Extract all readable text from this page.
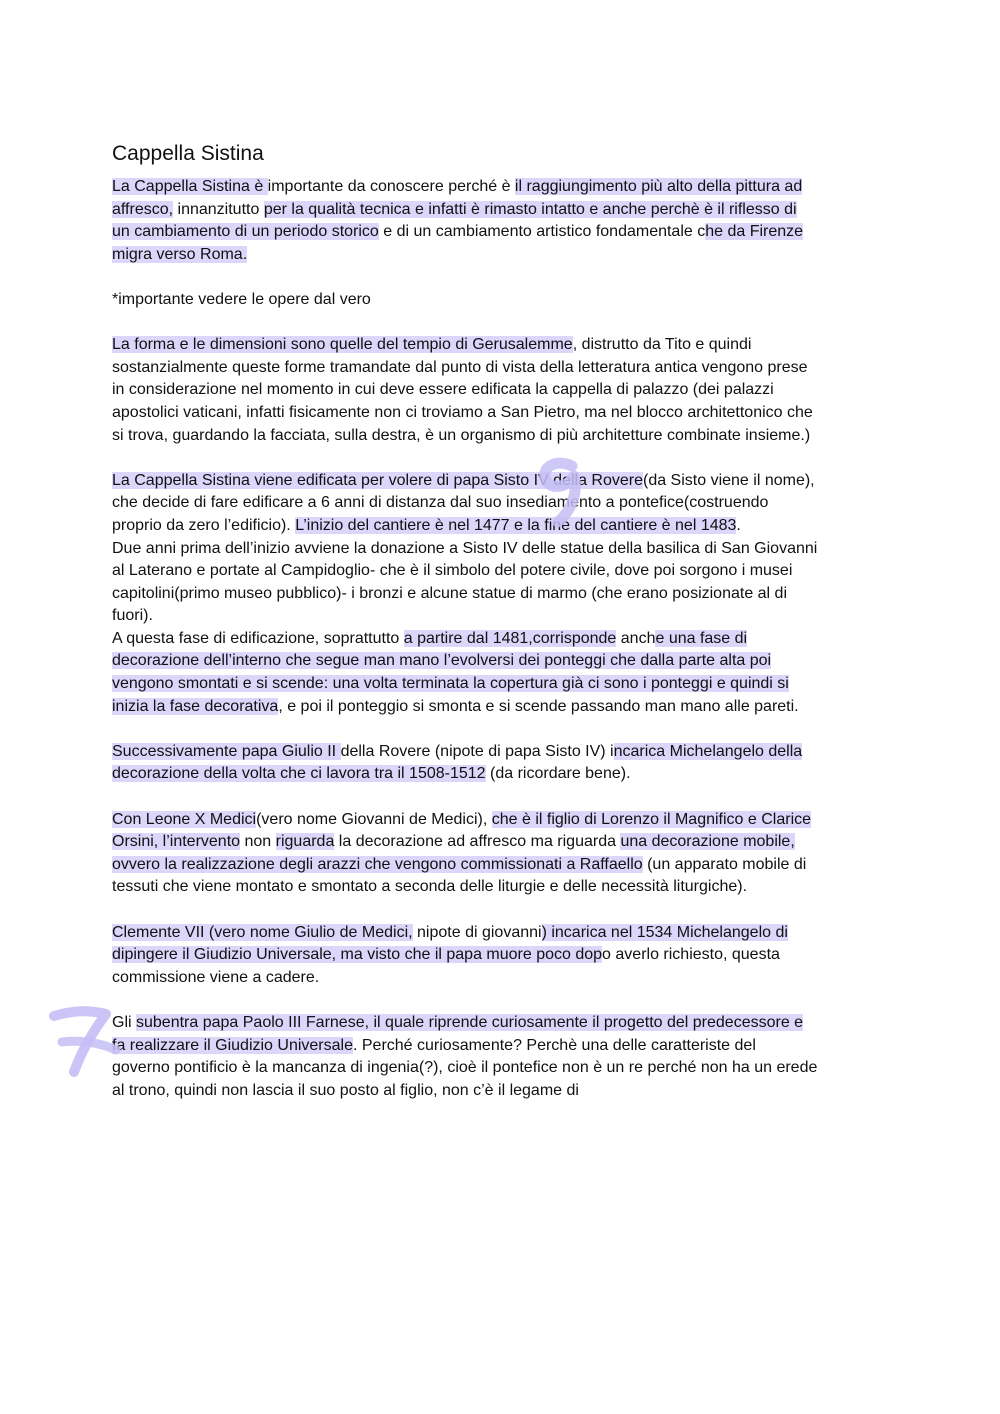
Cappella Sistina

La Cappella Sistina è importante da conoscere perché è il raggiungimento più alto della pittura ad affresco, innanzitutto per la qualità tecnica e infatti è rimasto intatto e anche perchè è il riflesso di un cambiamento di un periodo storico e di un cambiamento artistico fondamentale che da Firenze migra verso Roma.

*importante vedere le opere dal vero

La forma e le dimensioni sono quelle del tempio di Gerusalemme, distrutto da Tito e quindi sostanzialmente queste forme tramandate dal punto di vista della letteratura antica vengono prese in considerazione nel momento in cui deve essere edificata la cappella di palazzo (dei palazzi apostolici vaticani, infatti fisicamente non ci troviamo a San Pietro, ma nel blocco architettonico che si trova, guardando la facciata, sulla destra, è un organismo di più architetture combinate insieme.)

La Cappella Sistina viene edificata per volere di papa Sisto IV della Rovere(da Sisto viene il nome), che decide di fare edificare a 6 anni di distanza dal suo insediamento a pontefice(costruendo proprio da zero l’edificio). L’inizio del cantiere è nel 1477 e la fine del cantiere è nel 1483.

Due anni prima dell’inizio avviene la donazione a Sisto IV delle statue della basilica di San Giovanni al Laterano e portate al Campidoglio- che è il simbolo del potere civile, dove poi sorgono i musei capitolini(primo museo pubblico)- i bronzi e alcune statue di marmo (che erano posizionate al di fuori).

A questa fase di edificazione, soprattutto a partire dal 1481,corrisponde anche una fase di decorazione dell’interno che segue man mano l’evolversi dei ponteggi che dalla parte alta poi vengono smontati e si scende: una volta terminata la copertura già ci sono i ponteggi e quindi si inizia la fase decorativa, e poi il ponteggio si smonta e si scende passando man mano alle pareti.

Successivamente papa Giulio II della Rovere (nipote di papa Sisto IV) incarica Michelangelo della decorazione della volta che ci lavora tra il 1508-1512 (da ricordare bene).

Con Leone X Medici(vero nome Giovanni de Medici), che è il figlio di Lorenzo il Magnifico e Clarice Orsini, l’intervento non riguarda la decorazione ad affresco ma riguarda una decorazione mobile, ovvero la realizzazione degli arazzi che vengono commissionati a Raffaello (un apparato mobile di tessuti che viene montato e smontato a seconda delle liturgie e delle necessità liturgiche).

Clemente VII (vero nome Giulio de Medici, nipote di giovanni) incarica nel 1534 Michelangelo di dipingere il Giudizio Universale, ma visto che il papa muore poco dopo averlo richiesto, questa commissione viene a cadere.

Gli subentra papa Paolo III Farnese, il quale riprende curiosamente il progetto del predecessore e fa realizzare il Giudizio Universale. Perché curiosamente? Perchè una delle caratteriste del governo pontificio è la mancanza di ingenia(?), cioè il pontefice non è un re perché non ha un erede al trono, quindi non lascia il suo posto al figlio, non c’è il legame di
